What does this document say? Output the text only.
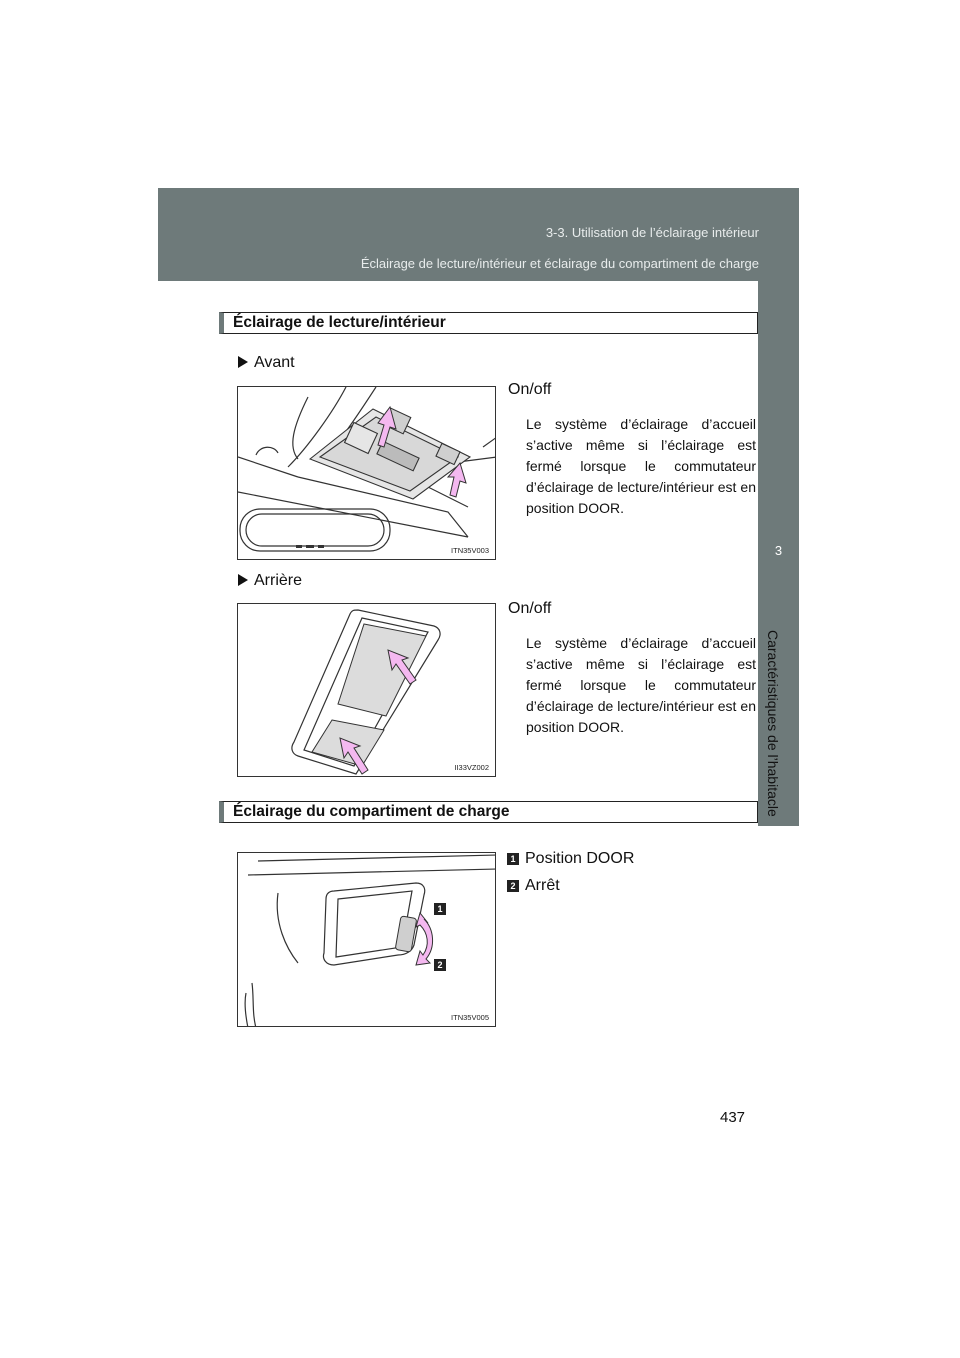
3-3. Utilisation de l’éclairage intérieur
Éclairage de lecture/intérieur et éclairage du compartiment de charge
3
Caractéristiques de l’habitacle
Éclairage de lecture/intérieur
Avant
ITN35V003
On/off
Le système d’éclairage d’accueil s’active même si l’éclairage est fermé lorsque le commutateur d’éclairage de lecture/intérieur est en position DOOR.
Arrière
II33VZ002
On/off
Le système d’éclairage d’accueil s’active même si l’éclairage est fermé lorsque le commutateur d’éclairage de lecture/intérieur est en position DOOR.
Éclairage du compartiment de charge
1
2
ITN35V005
1 Position DOOR
2 Arrêt
437
